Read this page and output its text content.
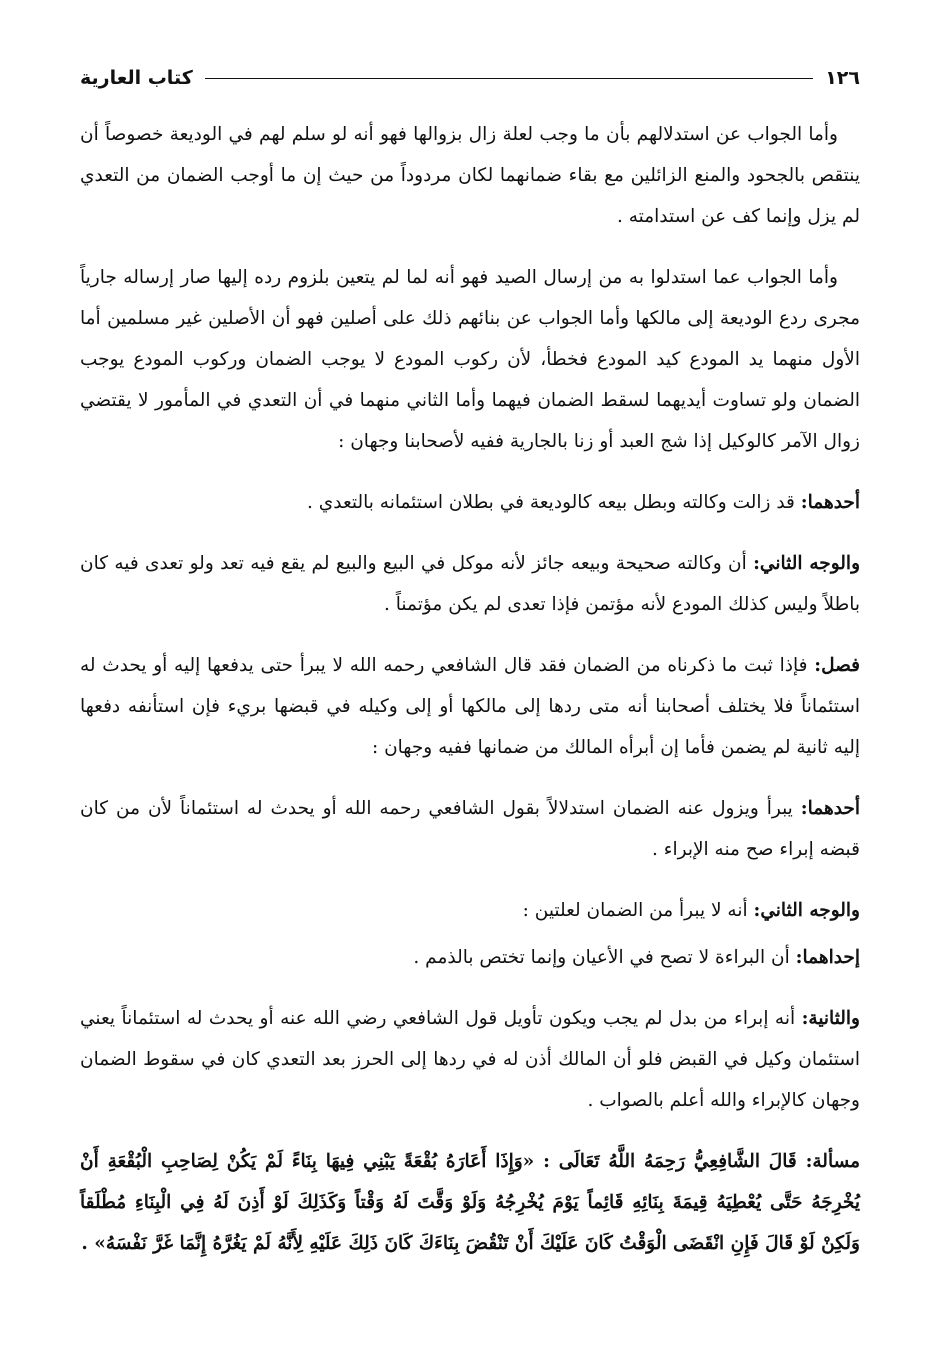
١٢٦
كتاب العارية

وأما الجواب عن استدلالهم بأن ما وجب لعلة زال بزوالها فهو أنه لو سلم لهم في الوديعة خصوصاً أن ينتقص بالجحود والمنع الزائلين مع بقاء ضمانهما لكان مردوداً من حيث إن ما أوجب الضمان من التعدي لم يزل وإنما كف عن استدامته .

وأما الجواب عما استدلوا به من إرسال الصيد فهو أنه لما لم يتعين بلزوم رده إليها صار إرساله جارياً مجرى ردع الوديعة إلى مالكها وأما الجواب عن بنائهم ذلك على أصلين فهو أن الأصلين غير مسلمين أما الأول منهما يد المودع كيد المودع فخطأ، لأن ركوب المودع لا يوجب الضمان وركوب المودع يوجب الضمان ولو تساوت أيديهما لسقط الضمان فيهما وأما الثاني منهما في أن التعدي في المأمور لا يقتضي زوال الآمر كالوكيل إذا شج العبد أو زنا بالجارية ففيه لأصحابنا وجهان :

أحدهما: قد زالت وكالته وبطل بيعه كالوديعة في بطلان استئمانه بالتعدي .

والوجه الثاني: أن وكالته صحيحة وبيعه جائز لأنه موكل في البيع والبيع لم يقع فيه تعد ولو تعدى فيه كان باطلاً وليس كذلك المودع لأنه مؤتمن فإذا تعدى لم يكن مؤتمناً .

فصل: فإذا ثبت ما ذكرناه من الضمان فقد قال الشافعي رحمه الله لا يبرأ حتى يدفعها إليه أو يحدث له استئماناً فلا يختلف أصحابنا أنه متى ردها إلى مالكها أو إلى وكيله في قبضها بريء فإن استأنفه دفعها إليه ثانية لم يضمن فأما إن أبرأه المالك من ضمانها ففيه وجهان :

أحدهما: يبرأ ويزول عنه الضمان استدلالاً بقول الشافعي رحمه الله أو يحدث له استئماناً لأن من كان قبضه إبراء صح منه الإبراء .

والوجه الثاني: أنه لا يبرأ من الضمان لعلتين :

إحداهما: أن البراءة لا تصح في الأعيان وإنما تختص بالذمم .

والثانية: أنه إبراء من بدل لم يجب ويكون تأويل قول الشافعي رضي الله عنه أو يحدث له استئماناً يعني استئمان وكيل في القبض فلو أن المالك أذن له في ردها إلى الحرز بعد التعدي كان في سقوط الضمان وجهان كالإبراء والله أعلم بالصواب .

مسألة: قَالَ الشَّافِعِيُّ رَحِمَهُ اللَّهُ تَعَالَى : «وَإِذَا أَعَارَهُ بُقْعَةً يَبْنِي فِيهَا بِنَاءً لَمْ يَكُنْ لِصَاحِبِ الْبُقْعَةِ أَنْ يُخْرِجَهُ حَتَّى يُعْطِيَهُ قِيمَةَ بِنَائِهِ قَائِماً يَوْمَ يُخْرِجُهُ وَلَوْ وَقَّتَ لَهُ وَقْتاً وَكَذَلِكَ لَوْ أَذِنَ لَهُ فِي الْبِنَاءِ مُطْلَقاً وَلَكِنْ لَوْ قَالَ فَإِنِ انْقَضَى الْوَقْتُ كَانَ عَلَيْكَ أَنْ تَنْقُضَ بِنَاءَكَ كَانَ ذَلِكَ عَلَيْهِ لِأَنَّهُ لَمْ يَغُرَّهُ إِنَّمَا غَرَّ نَفْسَهُ» .
